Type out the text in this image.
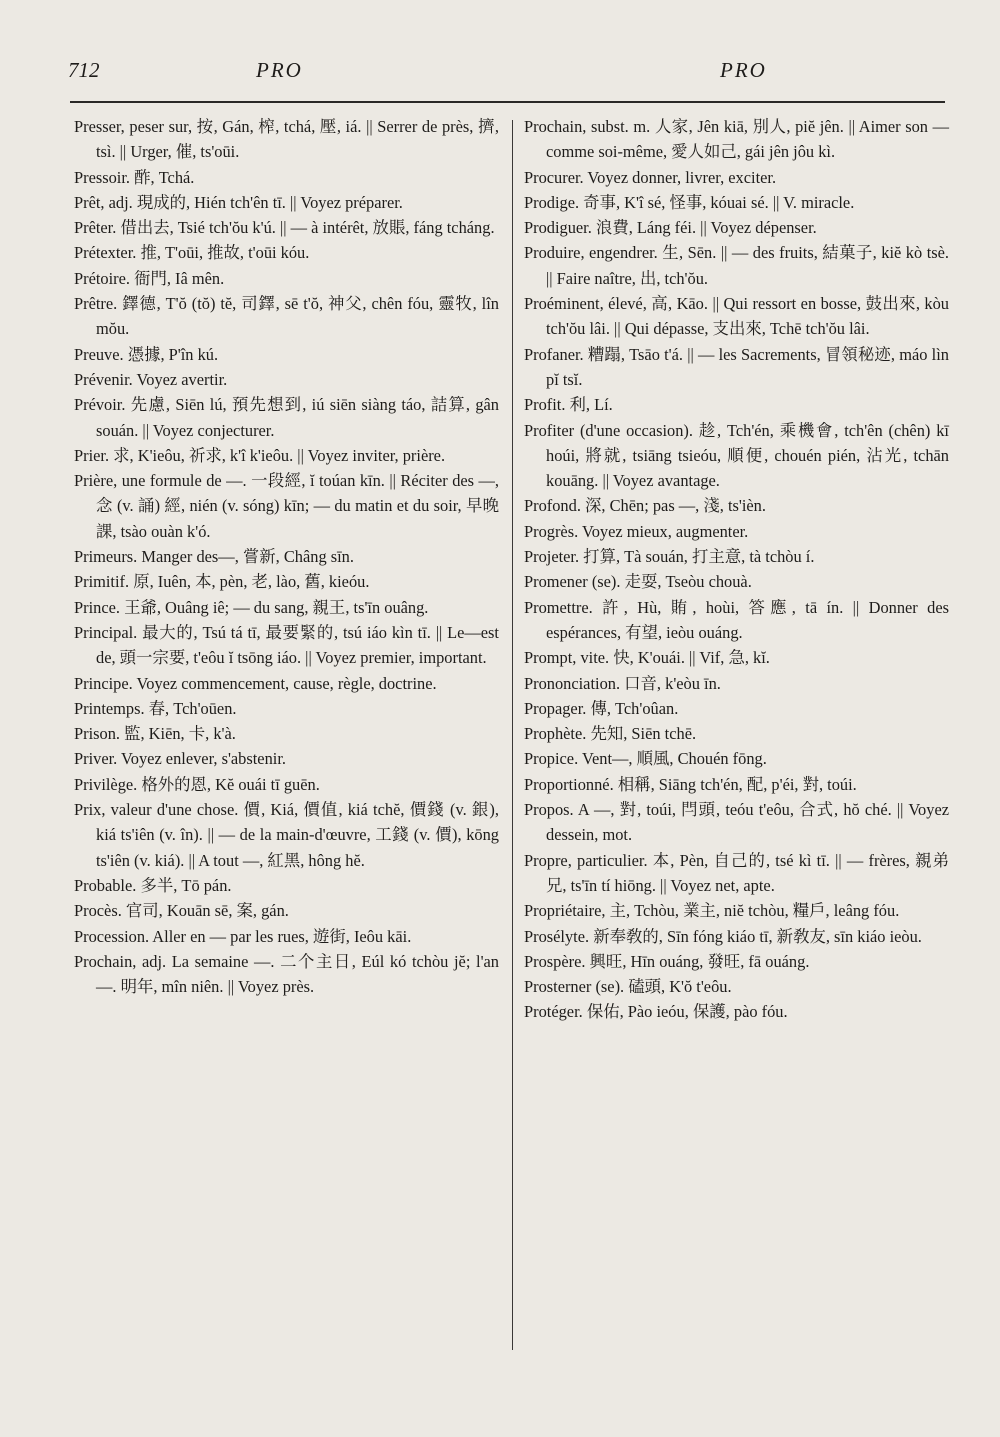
712	PRO	PRO

Presser, peser sur, 按, Gán, 榨, tchá, 壓, iá. || Serrer de près, 擠, tsì. || Urger, 催, ts'oūi.

Pressoir. 酢, Tchá.

Prêt, adj. 現成的, Hién tch'ên tī. || Voyez préparer.

Prêter. 借出去, Tsié tch'ŏu k'ú. || — à intérêt, 放賬, fáng tcháng.

Prétexter. 推, T'oūi, 推故, t'oūi kóu.

Prétoire. 衙門, Iâ mên.

Prêtre. 鐸德, T'ŏ (tŏ) tĕ, 司鐸, sē t'ŏ, 神父, chên fóu, 靈牧, lîn mŏu.

Preuve. 憑據, P'în kú.

Prévenir. Voyez avertir.

Prévoir. 先慮, Siēn lú, 預先想到, iú siēn siàng táo, 詰算, gân souán. || Voyez conjecturer.

Prier. 求, K'ieôu, 祈求, k'î k'ieôu. || Voyez inviter, prière.

Prière, une formule de —. 一段經, ĭ toúan kīn. || Réciter des —, 念 (v. 誦) 經, nién (v. sóng) kīn; — du matin et du soir, 早晚課, tsào ouàn k'ó.

Primeurs. Manger des—, 嘗新, Châng sīn.

Primitif. 原, Iuên, 本, pèn, 老, lào, 舊, kieóu.

Prince. 王爺, Ouâng iê; — du sang, 親王, ts'īn ouâng.

Principal. 最大的, Tsú tá tī, 最要緊的, tsú iáo kìn tī. || Le—est de, 頭一宗要, t'eôu ĭ tsōng iáo. || Voyez premier, important.

Principe. Voyez commencement, cause, règle, doctrine.

Printemps. 春, Tch'oūen.

Prison. 監, Kiēn, 卡, k'à.

Priver. Voyez enlever, s'abstenir.

Privilège. 格外的恩, Kĕ ouái tī guēn.

Prix, valeur d'une chose. 價, Kiá, 價值, kiá tchĕ, 價錢 (v. 銀), kiá ts'iên (v. în). || — de la main-d'œuvre, 工錢 (v. 價), kōng ts'iên (v. kiá). || A tout —, 紅黑, hông hĕ.

Probable. 多半, Tō pán.

Procès. 官司, Kouān sē, 案, gán.

Procession. Aller en — par les rues, 遊街, Ieôu kāi.

Prochain, adj. La semaine —. 二个主日, Eúl kó tchòu jĕ; l'an —. 明年, mîn niên. || Voyez près.

Prochain, subst. m. 人家, Jên kiā, 別人, piĕ jên. || Aimer son — comme soi-même, 愛人如己, gái jên jôu kì.

Procurer. Voyez donner, livrer, exciter.

Prodige. 奇事, K'î sé, 怪事, kóuai sé. || V. miracle.

Prodiguer. 浪費, Láng féi. || Voyez dépenser.

Produire, engendrer. 生, Sēn. || — des fruits, 結菓子, kiĕ kò tsè. || Faire naître, 出, tch'ŏu.

Proéminent, élevé, 高, Kāo. || Qui ressort en bosse, 鼓出來, kòu tch'ŏu lâi. || Qui dépasse, 支出來, Tchē tch'ŏu lâi.

Profaner. 糟蹋, Tsāo t'á. || — les Sacrements, 冒領秘迹, máo lìn pĭ tsĭ.

Profit. 利, Lí.

Profiter (d'une occasion). 趁, Tch'én, 乘機會, tch'ên (chên) kī hoúi, 將就, tsiāng tsieóu, 順便, chouén pién, 沾光, tchān kouāng. || Voyez avantage.

Profond. 深, Chēn; pas —, 淺, ts'ièn.

Progrès. Voyez mieux, augmenter.

Projeter. 打算, Tà souán, 打主意, tà tchòu í.

Promener (se). 走耍, Tseòu chouà.

Promettre. 許, Hù, 賄, hoùi, 答應, tā ín. || Donner des espérances, 有望, ieòu ouáng.

Prompt, vite. 快, K'ouái. || Vif, 急, kĭ.

Prononciation. 口音, k'eòu īn.

Propager. 傳, Tch'oûan.

Prophète. 先知, Siēn tchē.

Propice. Vent—, 順風, Chouén fōng.

Proportionné. 相稱, Siāng tch'én, 配, p'éi, 對, toúi.

Propos. A —, 對, toúi, 閂頭, teóu t'eôu, 合式, hŏ ché. || Voyez dessein, mot.

Propre, particulier. 本, Pèn, 自己的, tsé kì tī. || — frères, 親弟兄, ts'īn tí hiōng. || Voyez net, apte.

Propriétaire, 主, Tchòu, 業主, niĕ tchòu, 糧戶, leâng fóu.

Prosélyte. 新奉敎的, Sīn fóng kiáo tī, 新敎友, sīn kiáo ieòu.

Prospère. 興旺, Hīn ouáng, 發旺, fā ouáng.

Prosterner (se). 磕頭, K'ŏ t'eôu.

Protéger. 保佑, Pào ieóu, 保護, pào fóu.
